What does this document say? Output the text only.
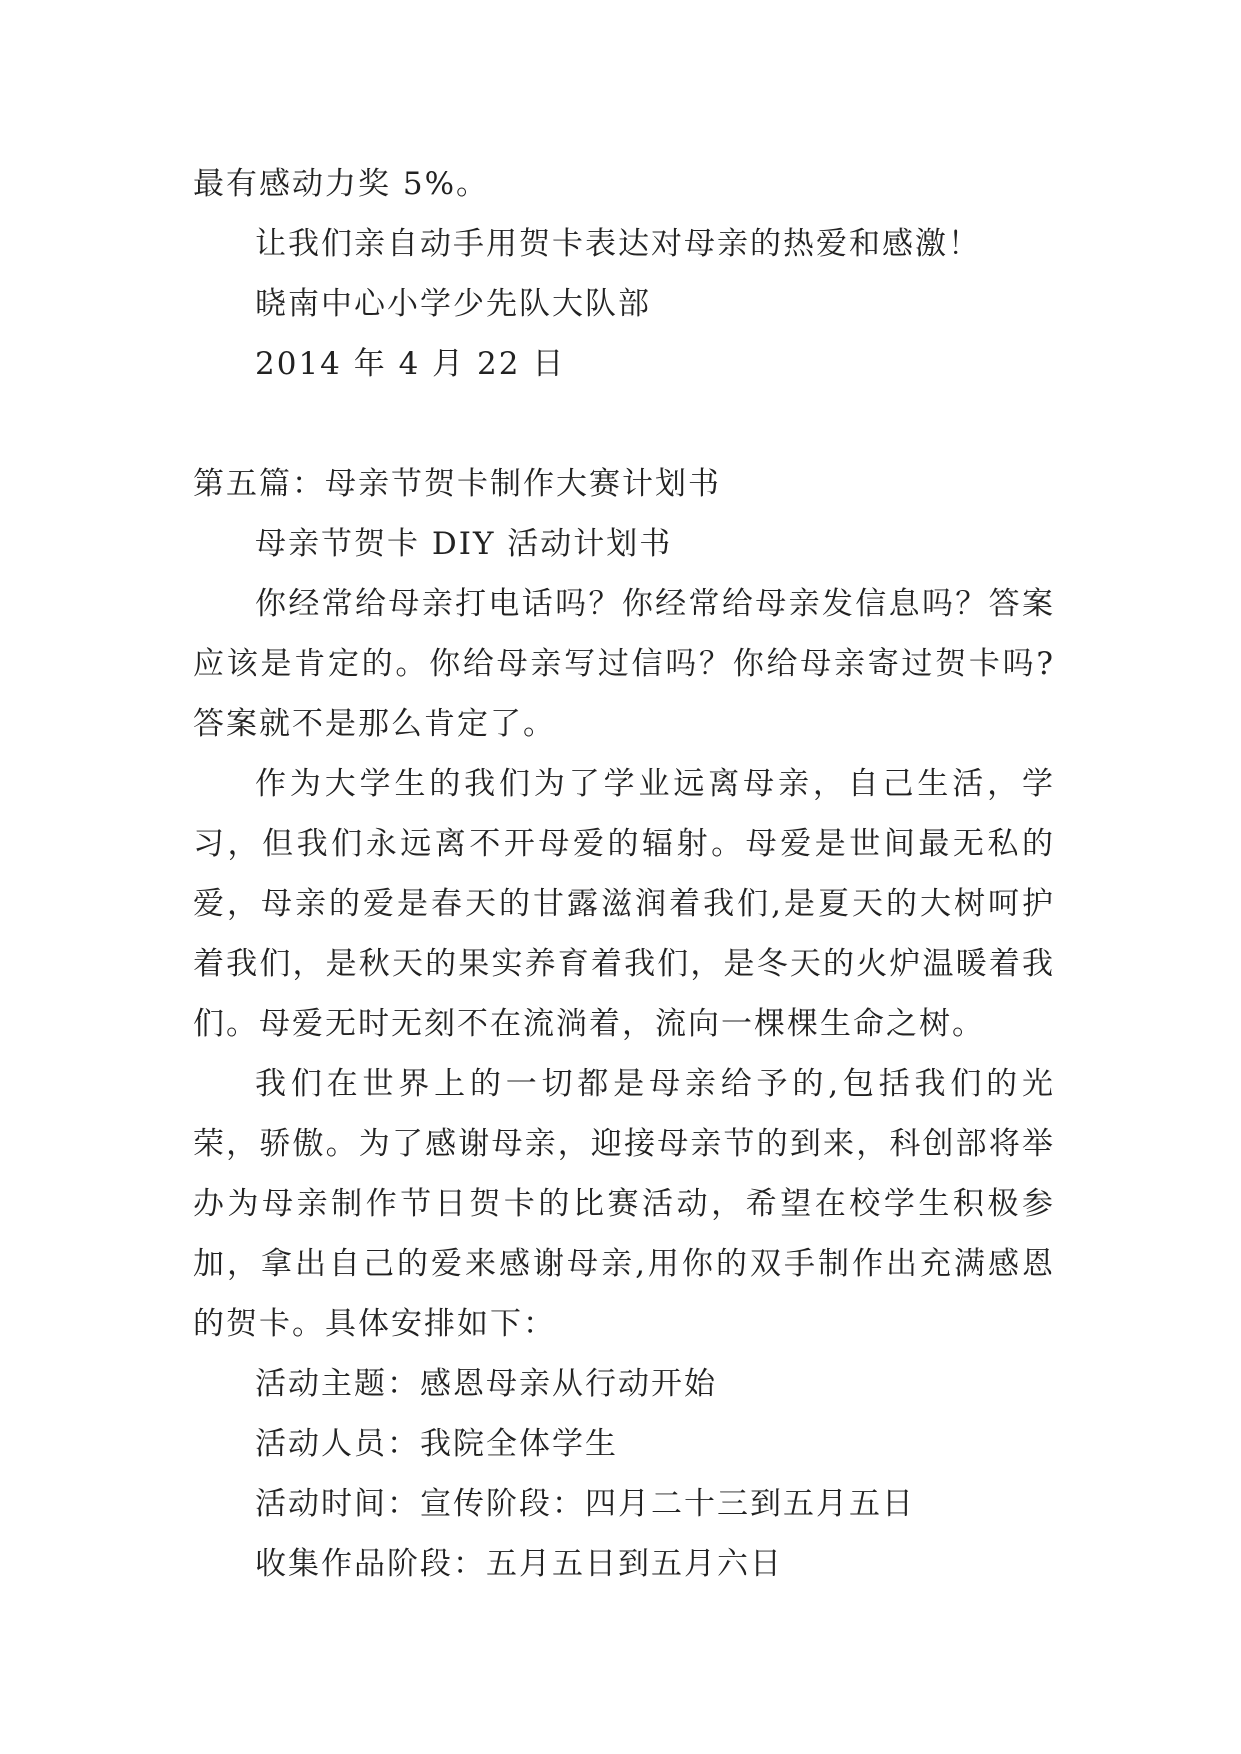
最有感动力奖 5%。

让我们亲自动手用贺卡表达对母亲的热爱和感激！

晓南中心小学少先队大队部

2014 年 4 月 22 日

第五篇：母亲节贺卡制作大赛计划书

母亲节贺卡 DIY 活动计划书

你经常给母亲打电话吗？你经常给母亲发信息吗？答案应该是肯定的。你给母亲写过信吗？你给母亲寄过贺卡吗?答案就不是那么肯定了。

作为大学生的我们为了学业远离母亲，自己生活，学习，但我们永远离不开母爱的辐射。母爱是世间最无私的爱，母亲的爱是春天的甘露滋润着我们,是夏天的大树呵护着我们，是秋天的果实养育着我们，是冬天的火炉温暖着我们。母爱无时无刻不在流淌着，流向一棵棵生命之树。

我们在世界上的一切都是母亲给予的,包括我们的光荣，骄傲。为了感谢母亲，迎接母亲节的到来，科创部将举办为母亲制作节日贺卡的比赛活动，希望在校学生积极参加，拿出自己的爱来感谢母亲,用你的双手制作出充满感恩的贺卡。具体安排如下：

活动主题：感恩母亲从行动开始

活动人员：我院全体学生

活动时间：宣传阶段：四月二十三到五月五日

收集作品阶段：五月五日到五月六日
